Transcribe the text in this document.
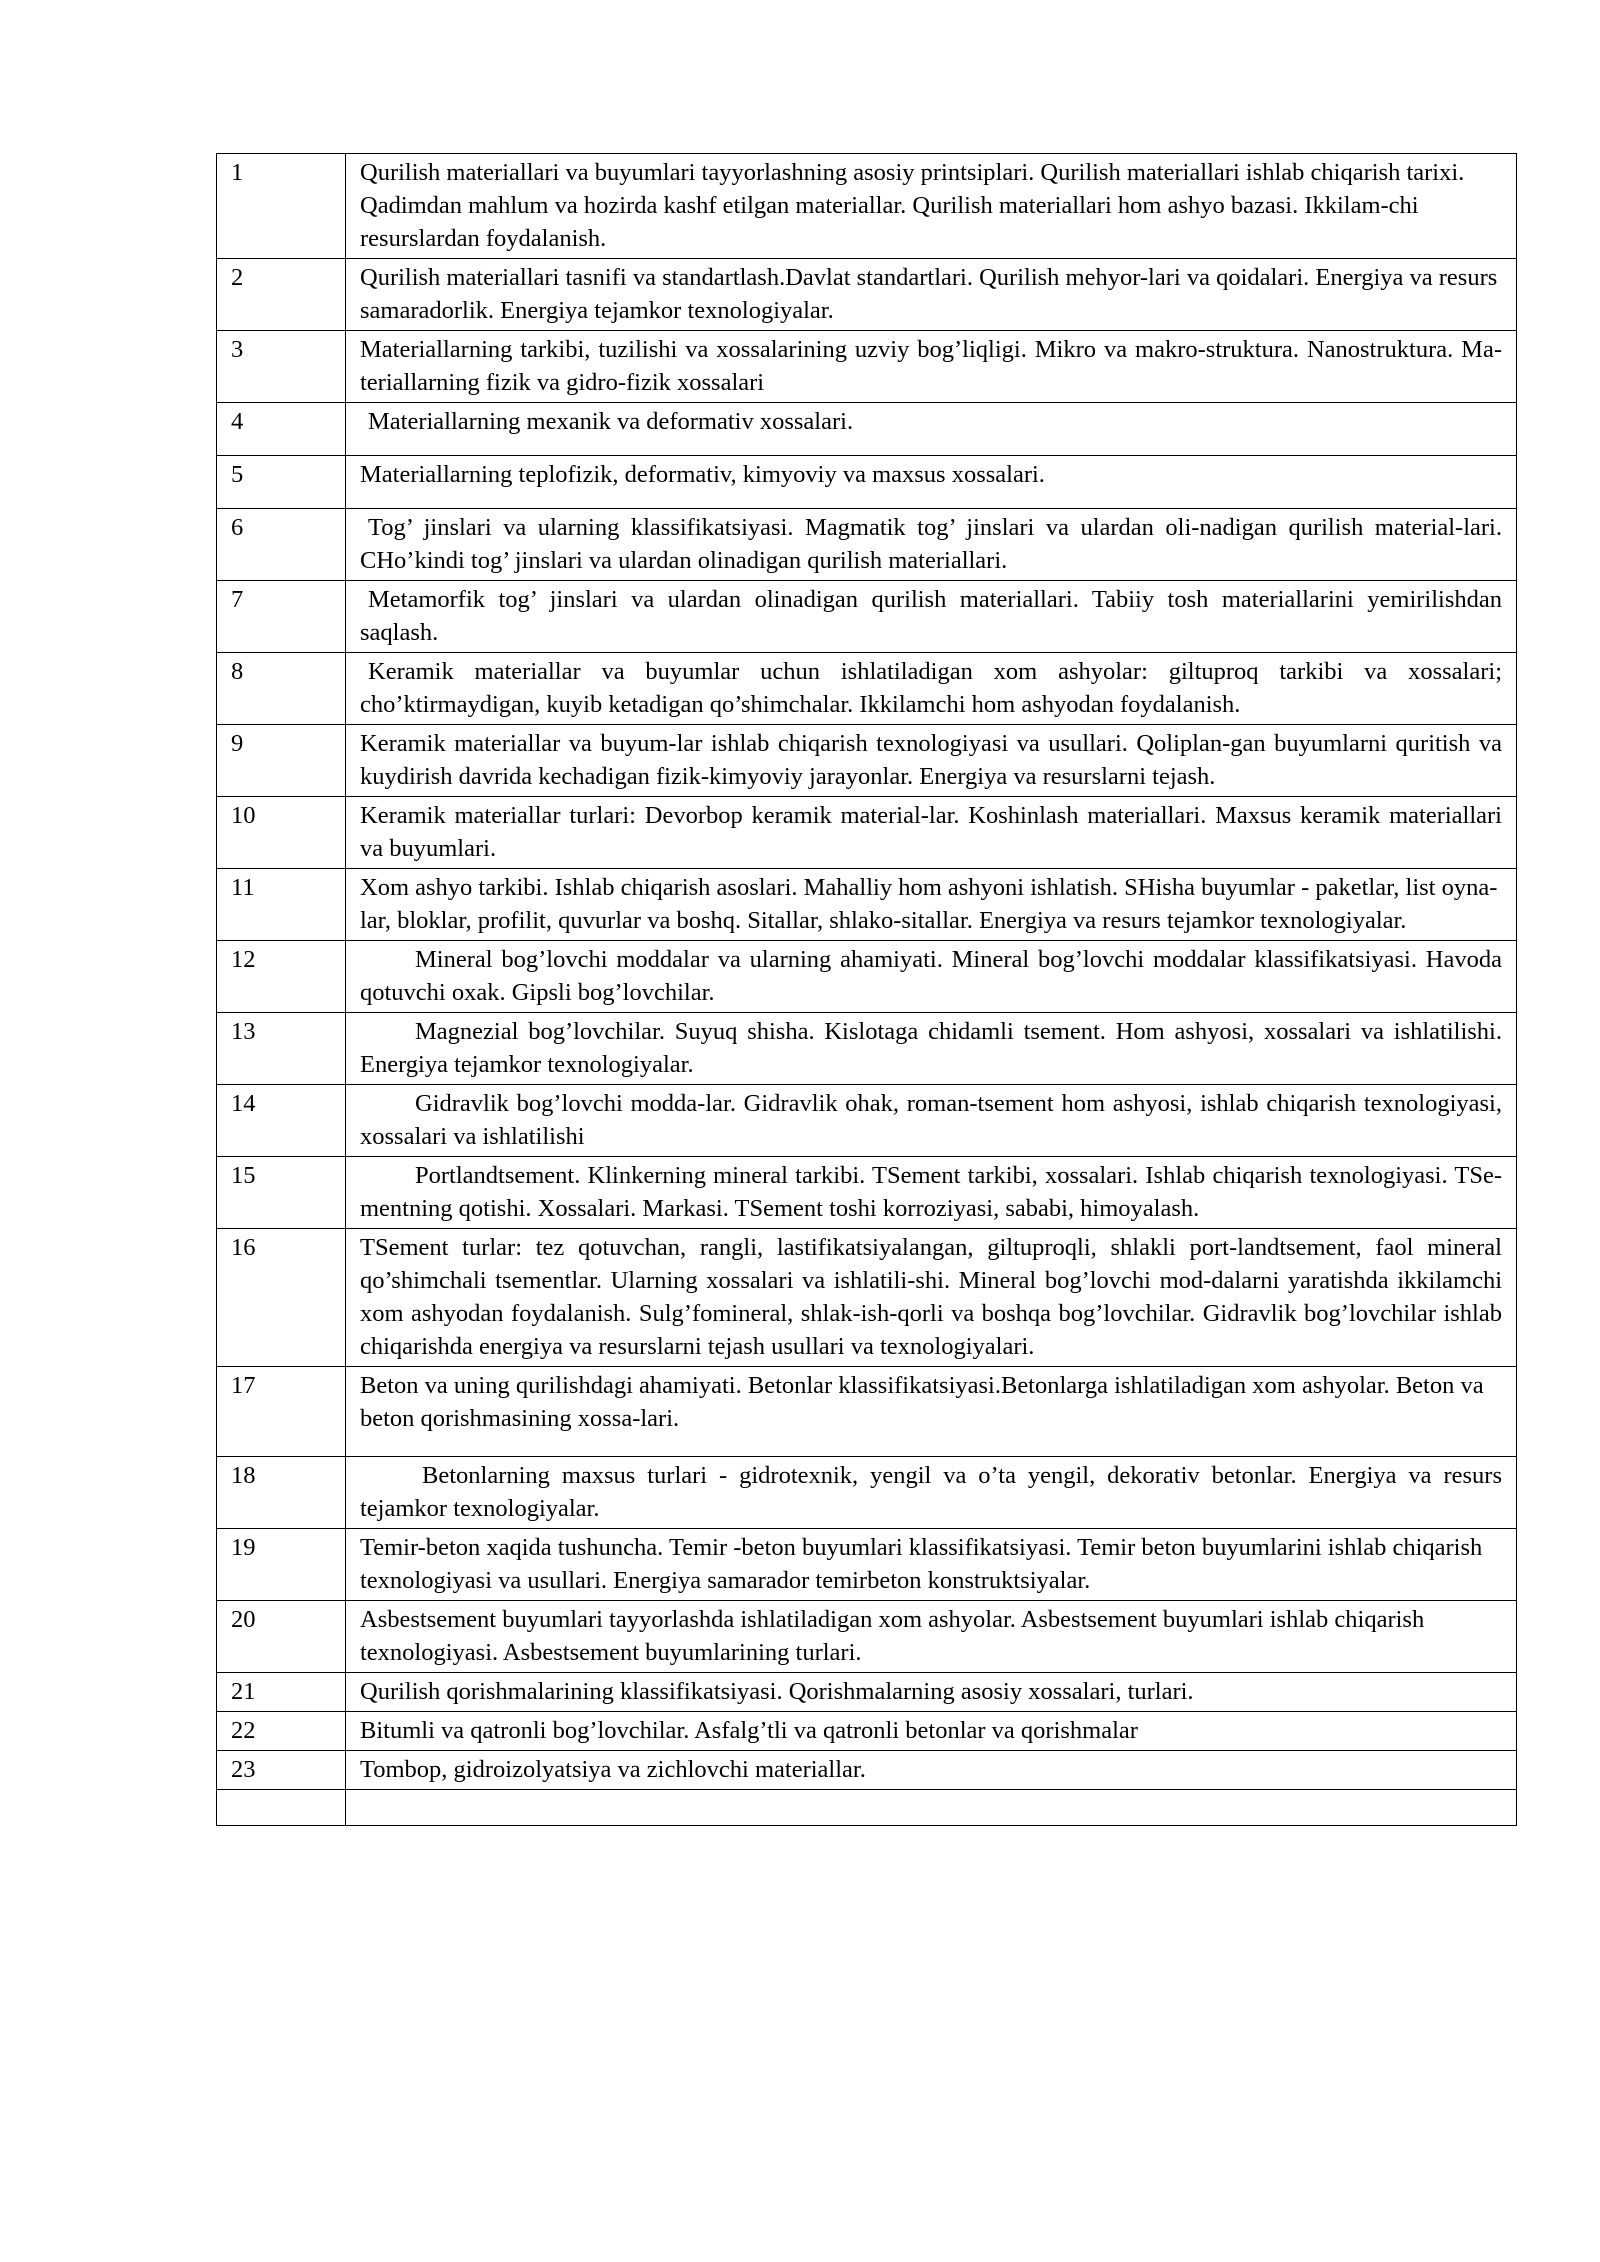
1	Qurilish materiallari va buyumlari tayyorlashning asosiy printsiplari. Qurilish materiallari ishlab chiqarish tarixi. Qadimdan mahlum va hozirda kashf etilgan materiallar. Qurilish materiallari hom ashyo bazasi. Ikkilam-chi resurslardan foydalanish.
2	Qurilish materiallari tasnifi va standartlash.Davlat standartlari. Qurilish mehyor-lari va qoidalari. Energiya va resurs samaradorlik. Energiya tejamkor texnologiyalar.
3	Materiallarning tarkibi, tuzilishi va xossalarining uzviy bog’liqligi. Mikro va makro-struktura. Nanostruktura. Ma-teriallarning fizik va gidro-fizik xossalari
4	Materiallarning mexanik va deformativ xossalari.
5	Materiallarning teplofizik, deformativ, kimyoviy va maxsus xossalari.
6	Tog’ jinslari va ularning klassifikatsiyasi. Magmatik tog’ jinslari va ulardan oli-nadigan qurilish material-lari. CHo’kindi tog’ jinslari va ulardan olinadigan qurilish materiallari.
7	Metamorfik tog’ jinslari va ulardan olinadigan qurilish materiallari. Tabiiy tosh materiallarini yemirilishdan saqlash.
8	Keramik materiallar va buyumlar uchun ishlatiladigan xom ashyolar: giltuproq tarkibi va xossalari; cho’ktirmaydigan, kuyib ketadigan qo’shimchalar. Ikkilamchi hom ashyodan foydalanish.
9	Keramik materiallar va buyum-lar ishlab chiqarish texnologiyasi va usullari. Qoliplan-gan buyumlarni quritish va kuydirish davrida kechadigan fizik-kimyoviy jarayonlar. Energiya va resurslarni tejash.
10	Keramik materiallar turlari: Devorbop keramik material-lar. Koshinlash materiallari. Maxsus keramik materiallari va buyumlari.
11	Xom ashyo tarkibi. Ishlab chiqarish asoslari. Mahalliy hom ashyoni ishlatish. SHisha buyumlar - paketlar, list oyna-lar, bloklar, profilit, quvurlar va boshq. Sitallar, shlako-sitallar. Energiya va resurs tejamkor texnologiyalar.
12	Mineral bog’lovchi moddalar va ularning ahamiyati. Mineral bog’lovchi moddalar klassifikatsiyasi. Havoda qotuvchi oxak. Gipsli bog’lovchilar.
13	Magnezial bog’lovchilar. Suyuq shisha. Kislotaga chidamli tsement. Hom ashyosi, xossalari va ishlatilishi. Energiya tejamkor texnologiyalar.
14	Gidravlik bog’lovchi modda-lar. Gidravlik ohak, roman-tsement hom ashyosi, ishlab chiqarish texnologiyasi, xossalari va ishlatilishi
15	Portlandtsement. Klinkerning mineral tarkibi. TSement tarkibi, xossalari. Ishlab chiqarish texnologiyasi. TSe-mentning qotishi. Xossalari. Markasi. TSement toshi korroziyasi, sababi, himoyalash.
16	TSement turlar: tez qotuvchan, rangli, lastifikatsiyalangan, giltuproqli, shlakli port-landtsement, faol mineral qo’shimchali tsementlar. Ularning xossalari va ishlatili-shi. Mineral bog’lovchi mod-dalarni yaratishda ikkilamchi xom ashyodan foydalanish. Sulg’fomineral, shlak-ish-qorli va boshqa bog’lovchilar. Gidravlik bog’lovchilar ishlab chiqarishda energiya va resurslarni tejash usullari va texnologiyalari.
17	Beton va uning qurilishdagi ahamiyati. Betonlar klassifikatsiyasi.Betonlarga ishlatiladigan xom ashyolar. Beton va beton qorishmasining xossa-lari.
18	Betonlarning maxsus turlari - gidrotexnik, yengil va o’ta yengil, dekorativ betonlar. Energiya va resurs tejamkor texnologiyalar.
19	Temir-beton xaqida tushuncha. Temir -beton buyumlari klassifikatsiyasi. Temir beton buyumlarini ishlab chiqarish texnologiyasi va usullari. Energiya samarador temirbeton konstruktsiyalar.
20	Asbestsement buyumlari tayyorlashda ishlatiladigan xom ashyolar. Asbestsement buyumlari ishlab chiqarish texnologiyasi. Asbestsement buyumlarining turlari.
21	Qurilish qorishmalarining klassifikatsiyasi. Qorishmalarning asosiy xossalari, turlari.
22	Bitumli va qatronli bog’lovchilar. Asfalg’tli va qatronli betonlar va qorishmalar
23	Tombop, gidroizolyatsiya va zichlovchi materiallar.
